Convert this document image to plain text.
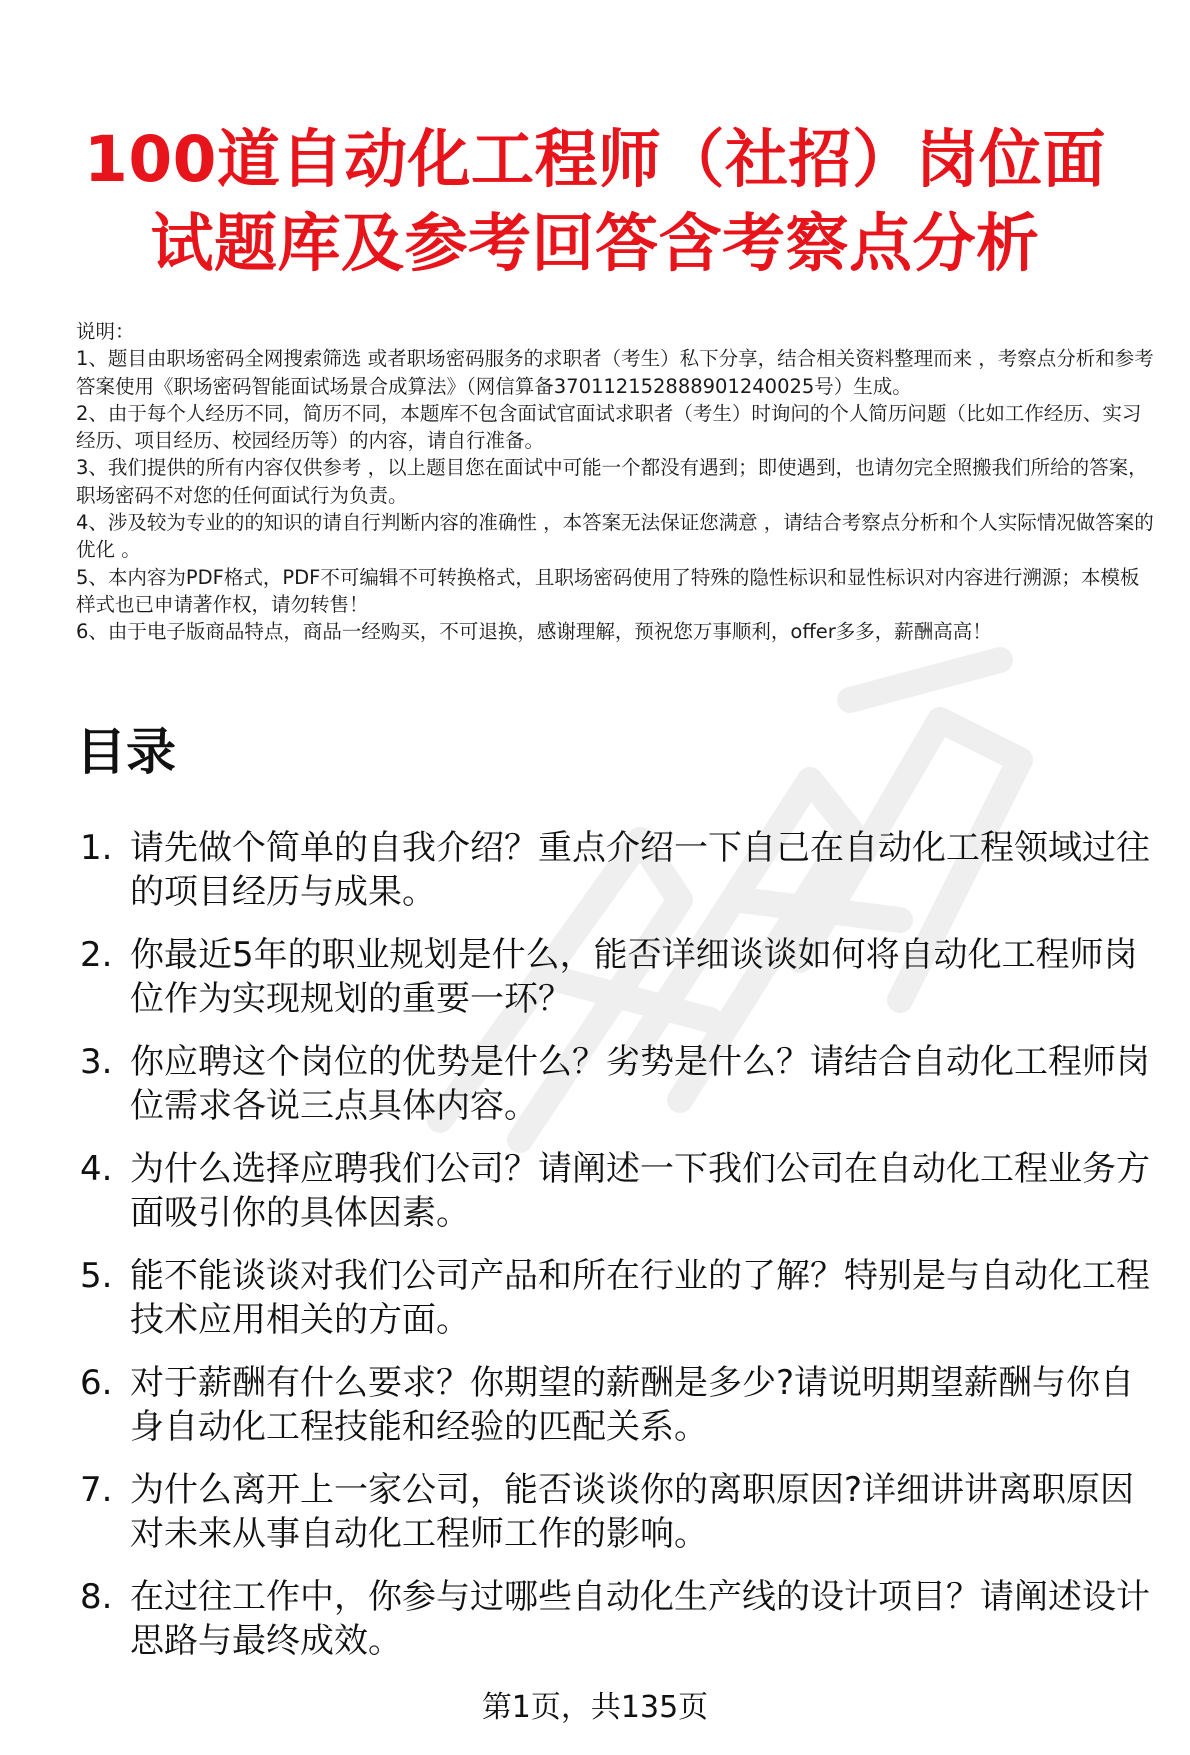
100道自动化工程师（社招）岗位面
试题库及参考回答含考察点分析

说明：

1、题目由职场密码全网搜索筛选 或者职场密码服务的求职者（考生）私下分享，结合相关资料整理而来 ，考察点分析和参考答案使用《职场密码智能面试场景合成算法》（网信算备370112152888901240025号）生成。

2、由于每个人经历不同，简历不同，本题库不包含面试官面试求职者（考生）时询问的个人简历问题（比如工作经历、实习经历、项目经历、校园经历等）的内容，请自行准备。

3、我们提供的所有内容仅供参考 ，以上题目您在面试中可能一个都没有遇到；即使遇到，也请勿完全照搬我们所给的答案，职场密码不对您的任何面试行为负责。

4、涉及较为专业的的知识的请自行判断内容的准确性 ，本答案无法保证您满意 ，请结合考察点分析和个人实际情况做答案的优化 。

5、本内容为PDF格式，PDF不可编辑不可转换格式，且职场密码使用了特殊的隐性标识和显性标识对内容进行溯源；本模板样式也已申请著作权，请勿转售！

6、由于电子版商品特点，商品一经购买，不可退换，感谢理解，预祝您万事顺利，offer多多，薪酬高高！

目录
1. 请先做个简单的自我介绍？重点介绍一下自己在自动化工程领域过往的项目经历与成果。
2. 你最近5年的职业规划是什么，能否详细谈谈如何将自动化工程师岗位作为实现规划的重要一环？
3. 你应聘这个岗位的优势是什么？劣势是什么？请结合自动化工程师岗位需求各说三点具体内容。
4. 为什么选择应聘我们公司？请阐述一下我们公司在自动化工程业务方面吸引你的具体因素。
5. 能不能谈谈对我们公司产品和所在行业的了解？特别是与自动化工程技术应用相关的方面。
6. 对于薪酬有什么要求？你期望的薪酬是多少?请说明期望薪酬与你自身自动化工程技能和经验的匹配关系。
7. 为什么离开上一家公司，能否谈谈你的离职原因?详细讲讲离职原因对未来从事自动化工程师工作的影响。
8. 在过往工作中，你参与过哪些自动化生产线的设计项目？请阐述设计思路与最终成效。
第1页，共135页
